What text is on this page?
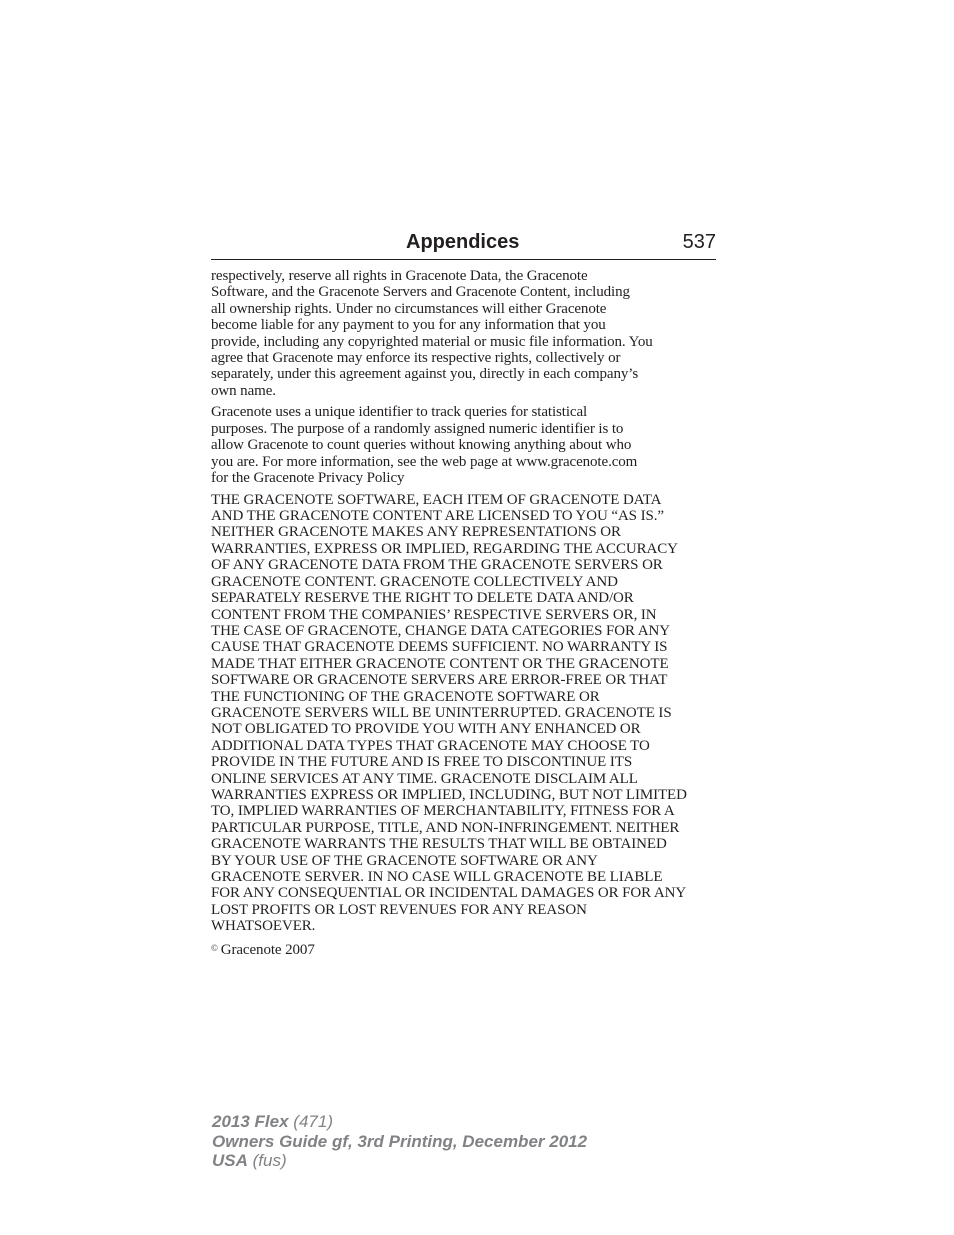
Appendices	537

respectively, reserve all rights in Gracenote Data, the Gracenote
Software, and the Gracenote Servers and Gracenote Content, including
all ownership rights. Under no circumstances will either Gracenote
become liable for any payment to you for any information that you
provide, including any copyrighted material or music file information. You
agree that Gracenote may enforce its respective rights, collectively or
separately, under this agreement against you, directly in each company’s
own name.

Gracenote uses a unique identifier to track queries for statistical
purposes. The purpose of a randomly assigned numeric identifier is to
allow Gracenote to count queries without knowing anything about who
you are. For more information, see the web page at www.gracenote.com
for the Gracenote Privacy Policy

THE GRACENOTE SOFTWARE, EACH ITEM OF GRACENOTE DATA
AND THE GRACENOTE CONTENT ARE LICENSED TO YOU “AS IS.”
NEITHER GRACENOTE MAKES ANY REPRESENTATIONS OR
WARRANTIES, EXPRESS OR IMPLIED, REGARDING THE ACCURACY
OF ANY GRACENOTE DATA FROM THE GRACENOTE SERVERS OR
GRACENOTE CONTENT. GRACENOTE COLLECTIVELY AND
SEPARATELY RESERVE THE RIGHT TO DELETE DATA AND/OR
CONTENT FROM THE COMPANIES’ RESPECTIVE SERVERS OR, IN
THE CASE OF GRACENOTE, CHANGE DATA CATEGORIES FOR ANY
CAUSE THAT GRACENOTE DEEMS SUFFICIENT. NO WARRANTY IS
MADE THAT EITHER GRACENOTE CONTENT OR THE GRACENOTE
SOFTWARE OR GRACENOTE SERVERS ARE ERROR-FREE OR THAT
THE FUNCTIONING OF THE GRACENOTE SOFTWARE OR
GRACENOTE SERVERS WILL BE UNINTERRUPTED. GRACENOTE IS
NOT OBLIGATED TO PROVIDE YOU WITH ANY ENHANCED OR
ADDITIONAL DATA TYPES THAT GRACENOTE MAY CHOOSE TO
PROVIDE IN THE FUTURE AND IS FREE TO DISCONTINUE ITS
ONLINE SERVICES AT ANY TIME. GRACENOTE DISCLAIM ALL
WARRANTIES EXPRESS OR IMPLIED, INCLUDING, BUT NOT LIMITED
TO, IMPLIED WARRANTIES OF MERCHANTABILITY, FITNESS FOR A
PARTICULAR PURPOSE, TITLE, AND NON-INFRINGEMENT. NEITHER
GRACENOTE WARRANTS THE RESULTS THAT WILL BE OBTAINED
BY YOUR USE OF THE GRACENOTE SOFTWARE OR ANY
GRACENOTE SERVER. IN NO CASE WILL GRACENOTE BE LIABLE
FOR ANY CONSEQUENTIAL OR INCIDENTAL DAMAGES OR FOR ANY
LOST PROFITS OR LOST REVENUES FOR ANY REASON
WHATSOEVER.

© Gracenote 2007

2013 Flex (471)
Owners Guide gf, 3rd Printing, December 2012
USA (fus)
